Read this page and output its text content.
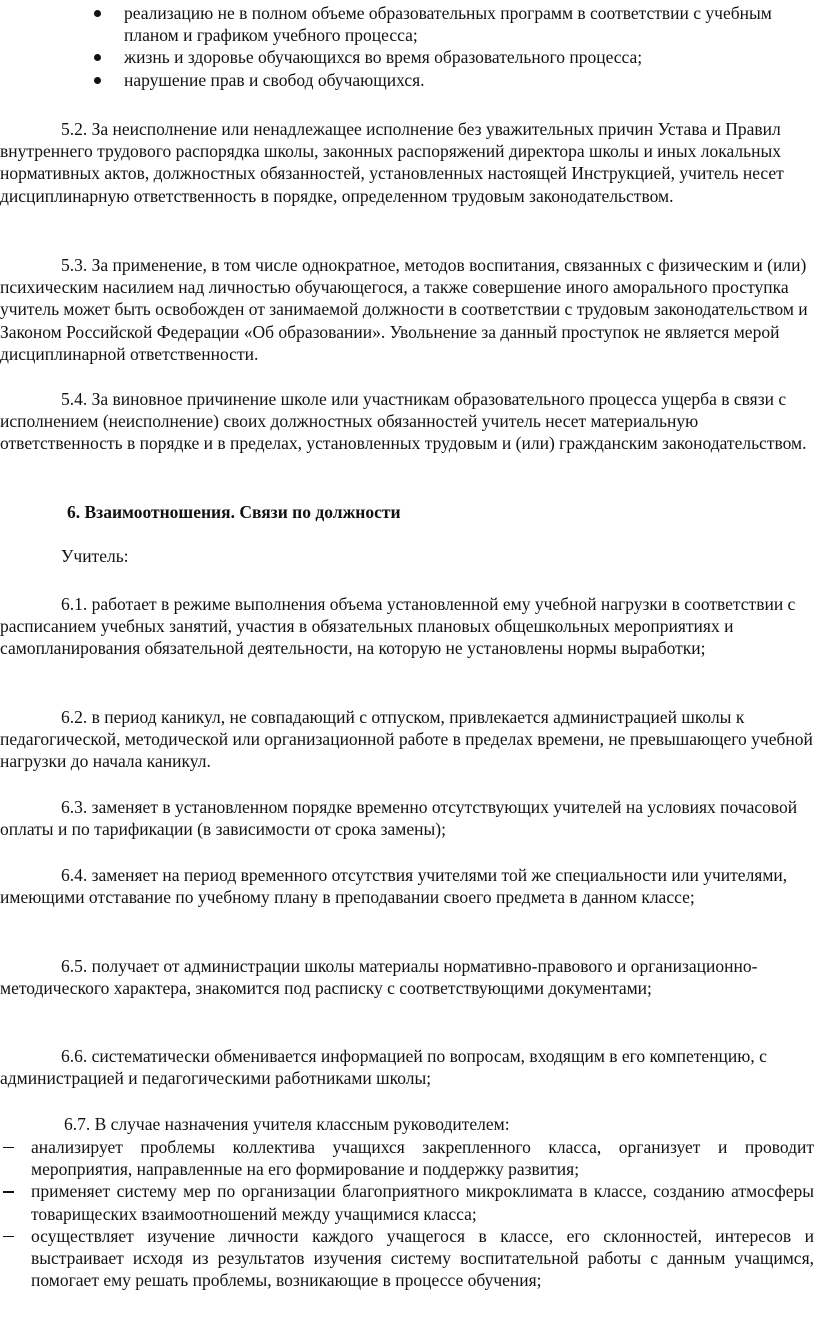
реализацию не в полном объеме образовательных программ в соответствии с учебным планом и графиком учебного процесса;
жизнь и здоровье обучающихся во время образовательного процесса;
нарушение прав и свобод обучающихся.

5.2. За неисполнение или ненадлежащее исполнение без уважительных причин Устава и Правил внутреннего трудового распорядка школы, законных распоряжений директора школы и иных локальных нормативных актов, должностных обязанностей, установленных настоящей Инструкцией, учитель несет дисциплинарную ответственность в порядке, определенном трудовым законодательством.

5.3. За применение, в том числе однократное, методов воспитания, связанных с физическим и (или) психическим насилием над личностью обучающегося, а также совершение иного аморального проступка учитель может быть освобожден от занимаемой должности в соответствии с трудовым законодательством и Законом Российской Федерации «Об образовании». Увольнение за данный проступок не является мерой дисциплинарной ответственности.

5.4. За виновное причинение школе или участникам образовательного процесса ущерба в связи с исполнением (неисполнение) своих должностных обязанностей учитель несет материальную ответственность в порядке и в пределах, установленных трудовым и (или) гражданским законодательством.

6. Взаимоотношения. Связи по должности

Учитель:

6.1. работает в режиме выполнения объема установленной ему учебной нагрузки в соответствии с расписанием учебных занятий, участия в обязательных плановых общешкольных мероприятиях и самопланирования обязательной деятельности, на которую не установлены нормы выработки;

6.2. в период каникул, не совпадающий с отпуском, привлекается администрацией школы к педагогической, методической или организационной работе в пределах времени, не превышающего учебной нагрузки до начала каникул.

6.3. заменяет в установленном порядке временно отсутствующих учителей на условиях почасовой оплаты и по тарификации (в зависимости от срока замены);

6.4. заменяет на период временного отсутствия учителями той же специальности или учителями, имеющими отставание по учебному плану в преподавании своего предмета в данном классе;

6.5. получает от администрации школы материалы нормативно-правового и организационно-методического характера, знакомится под расписку с соответствующими документами;

6.6. систематически обменивается информацией по вопросам, входящим в его компетенцию, с администрацией и педагогическими работниками школы;

6.7. В случае назначения учителя классным руководителем:

анализирует проблемы коллектива учащихся закрепленного класса, организует и проводит мероприятия, направленные на его формирование и поддержку развития;
применяет систему мер по организации благоприятного микроклимата в классе, созданию атмосферы товарищеских взаимоотношений между учащимися класса;
осуществляет изучение личности каждого учащегося в классе, его склонностей, интересов и выстраивает исходя из результатов изучения систему воспитательной работы с данным учащимся, помогает ему решать проблемы, возникающие в процессе обучения;
